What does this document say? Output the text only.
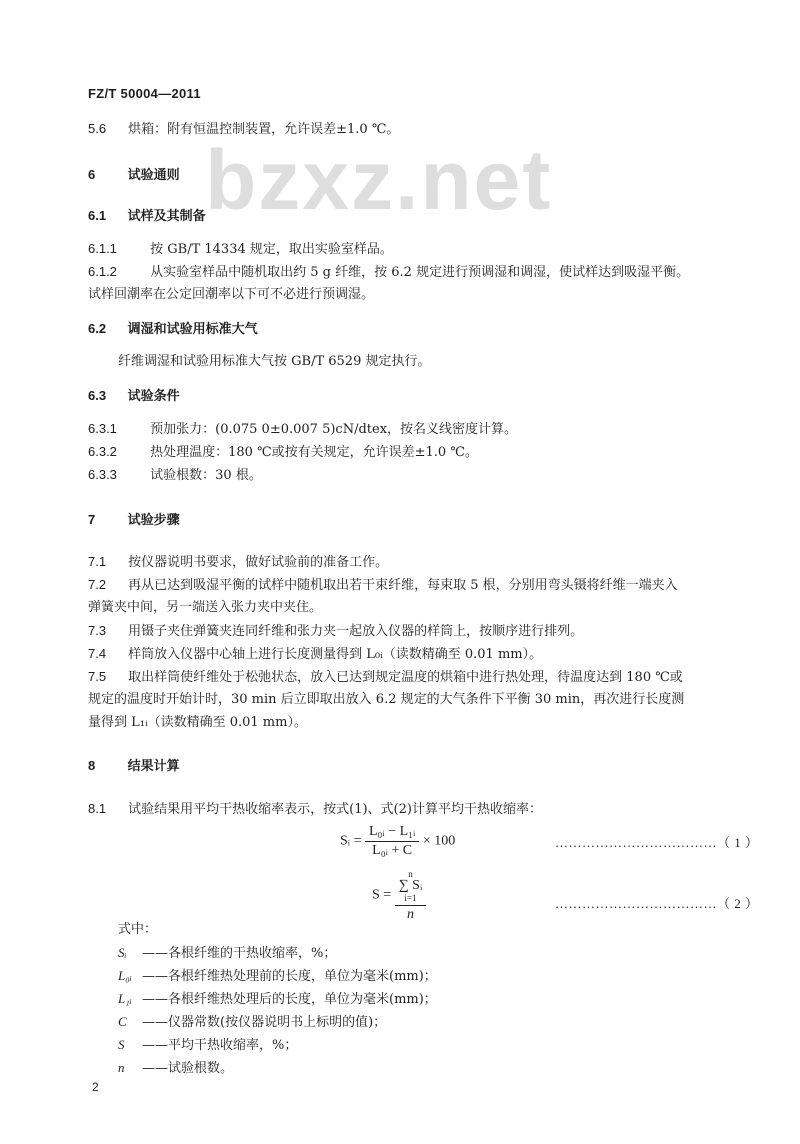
FZ/T 50004—2011
bzxz.net
5.6 烘箱：附有恒温控制装置，允许误差±1.0 ℃。
6 试验通则
6.1 试样及其制备
6.1.1	按 GB/T 14334 规定，取出实验室样品。
6.1.2	从实验室样品中随机取出约 5 g 纤维，按 6.2 规定进行预调湿和调湿，使试样达到吸湿平衡。
试样回潮率在公定回潮率以下可不必进行预调湿。
6.2 调湿和试验用标准大气
纤维调湿和试验用标准大气按 GB/T 6529 规定执行。
6.3 试验条件
6.3.1	预加张力：(0.075 0±0.007 5)cN/dtex，按名义线密度计算。
6.3.2	热处理温度：180 ℃或按有关规定，允许误差±1.0 ℃。
6.3.3	试验根数：30 根。
7 试验步骤
7.1 按仪器说明书要求，做好试验前的准备工作。
7.2 再从已达到吸湿平衡的试样中随机取出若干束纤维，每束取 5 根，分别用弯头镊将纤维一端夹入
弹簧夹中间，另一端送入张力夹中夹住。
7.3 用镊子夹住弹簧夹连同纤维和张力夹一起放入仪器的样筒上，按顺序进行排列。
7.4 样筒放入仪器中心轴上进行长度测量得到 L₀ᵢ（读数精确至 0.01 mm）。
7.5 取出样筒使纤维处于松弛状态，放入已达到规定温度的烘箱中进行热处理，待温度达到 180 ℃或
规定的温度时开始计时，30 min 后立即取出放入 6.2 规定的大气条件下平衡 30 min，再次进行长度测
量得到 L₁ᵢ（读数精确至 0.01 mm）。
8 结果计算
8.1 试验结果用平均干热收缩率表示，按式(1)、式(2)计算平均干热收缩率：
Sᵢ = $\frac{\text{L₀ᵢ − L₁ᵢ}}{\text{L₀ᵢ + C}} \times 100$	………………………………（ 1 ）
S = n
∑ Sᵢ
i=1
n	………………………………（ 2 ）
式中：
Sᵢ ——各根纤维的干热收缩率，%；
L₀ᵢ ——各根纤维热处理前的长度，单位为毫米(mm)；
L₁ᵢ ——各根纤维热处理后的长度，单位为毫米(mm)；
C ——仪器常数(按仪器说明书上标明的值)；
S ——平均干热收缩率，%；
n ——试验根数。
2
